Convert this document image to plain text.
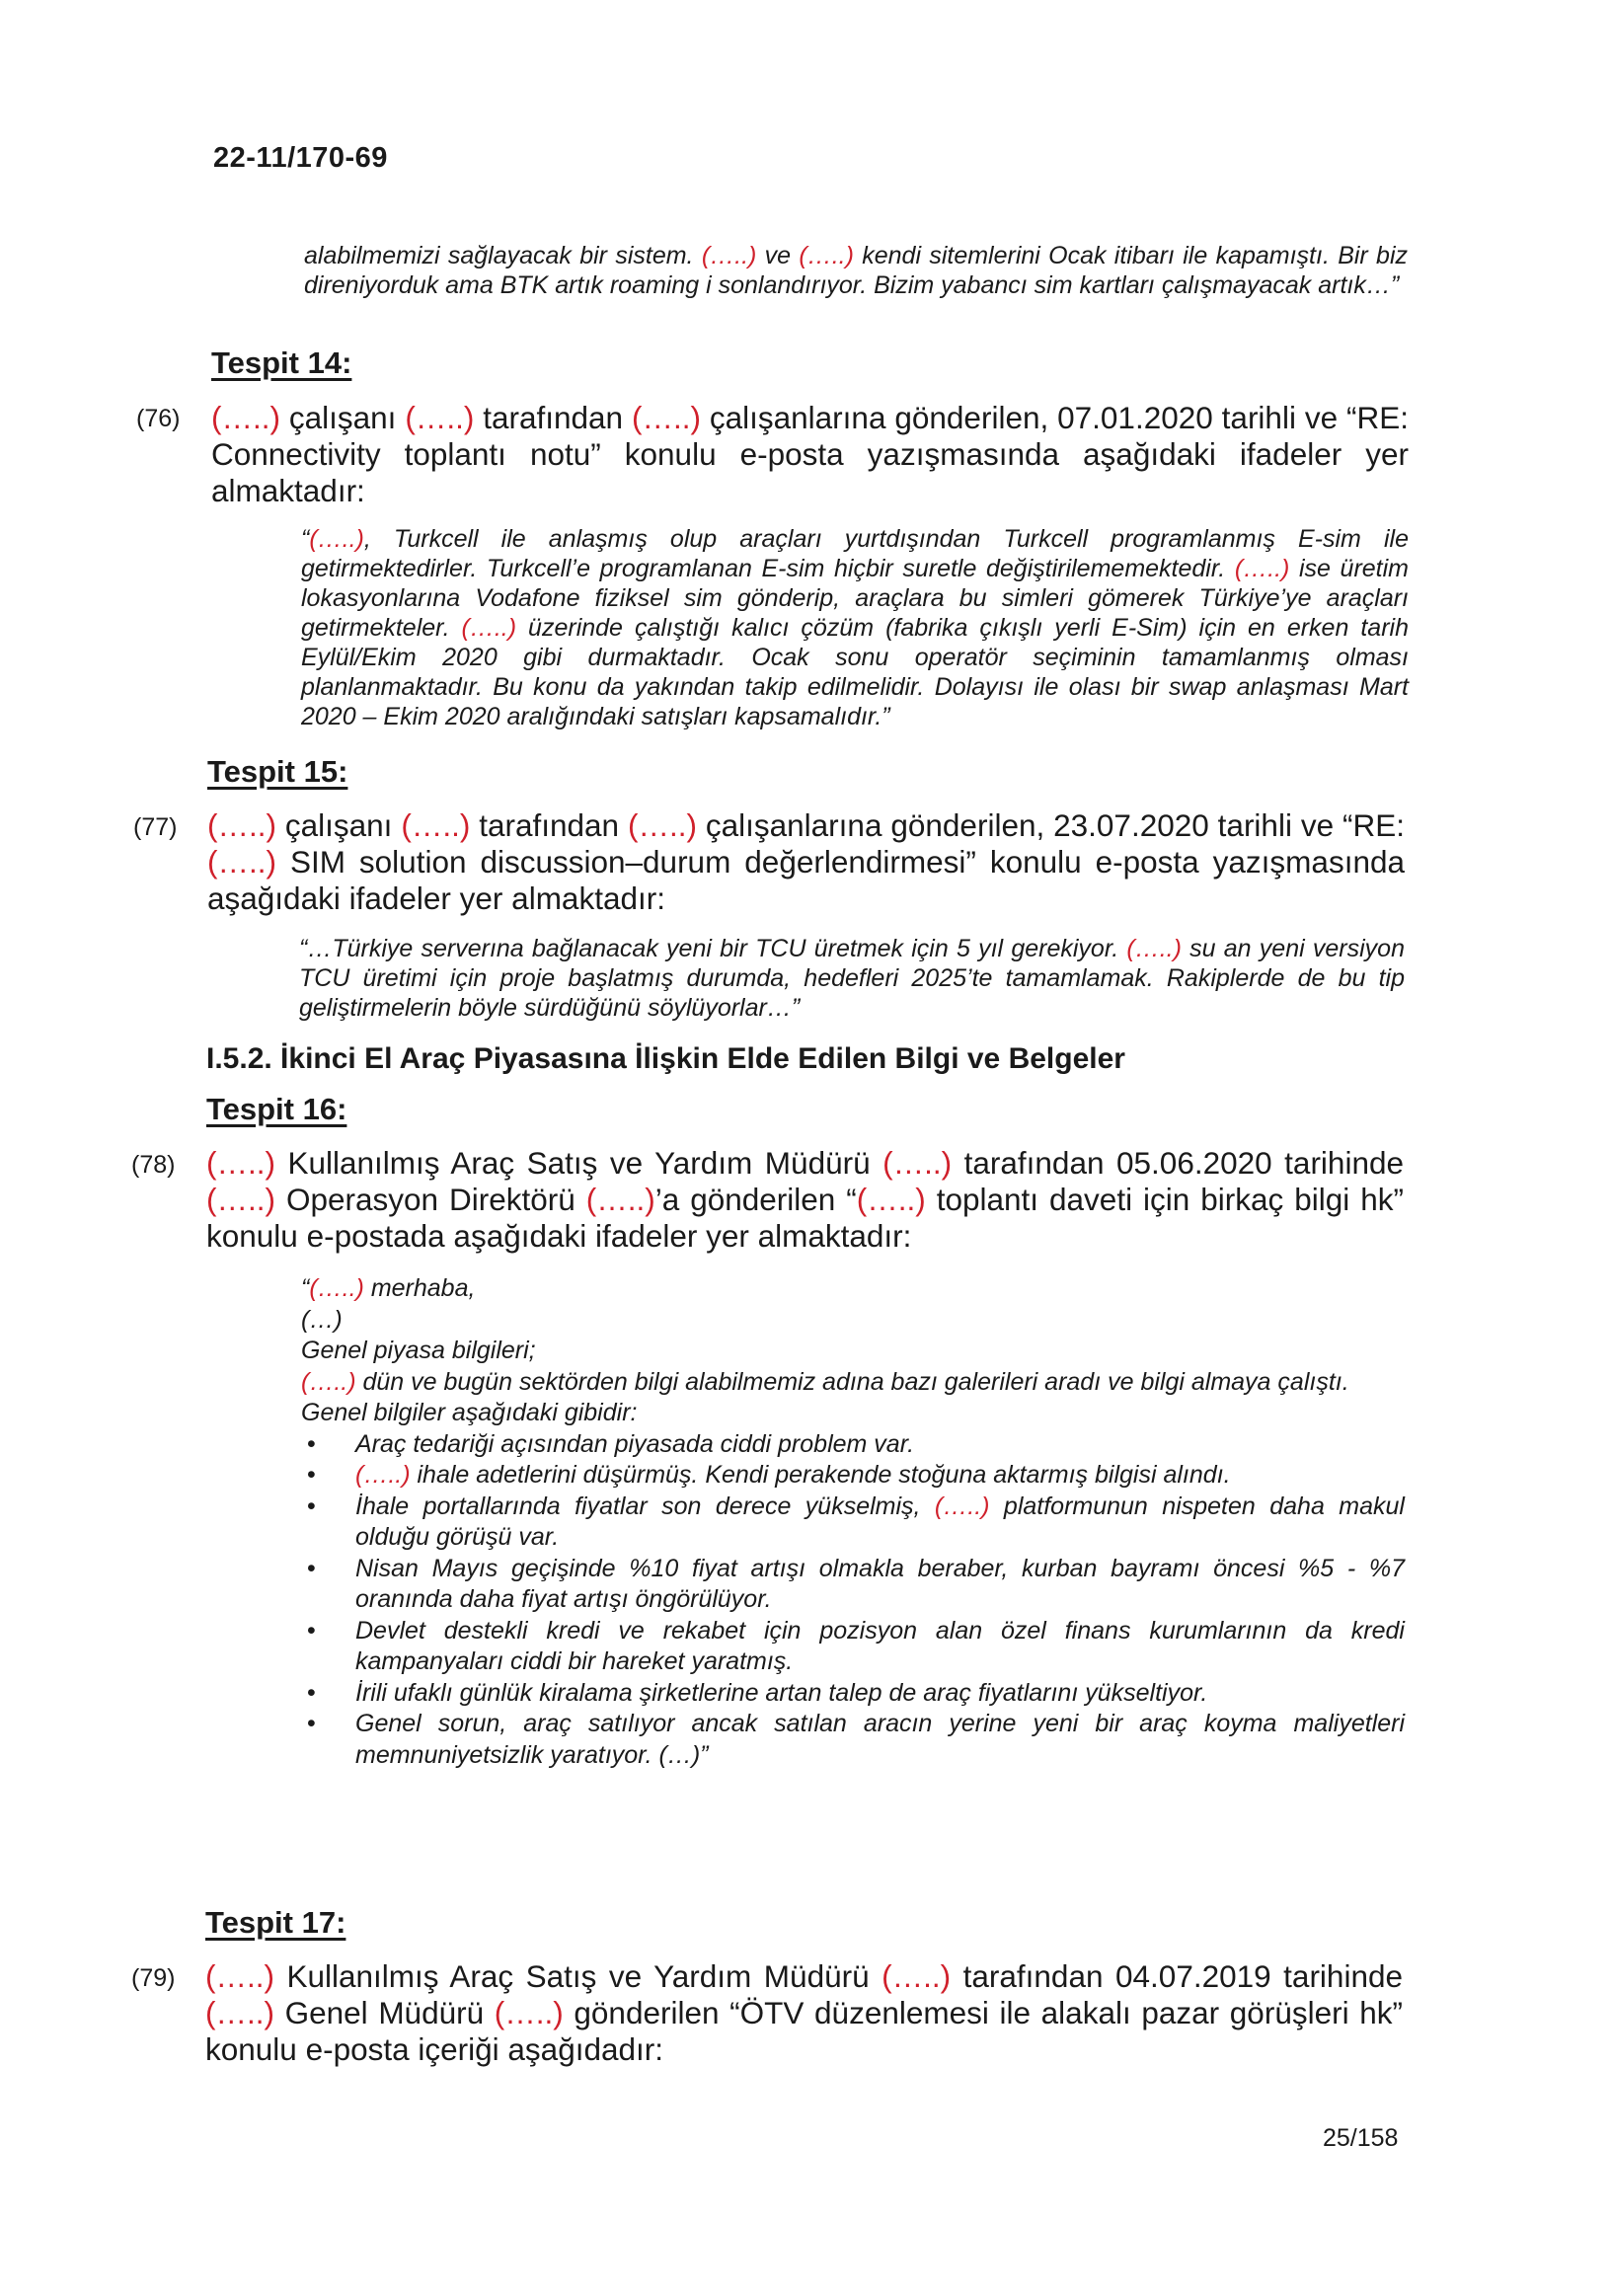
22-11/170-69

alabilmemizi sağlayacak bir sistem. (…..) ve (…..) kendi sitemlerini Ocak itibarı ile kapamıştı. Bir biz direniyorduk ama BTK artık roaming i sonlandırıyor. Bizim yabancı sim kartları çalışmayacak artık…”

Tespit 14:
(76) (…..) çalışanı (…..) tarafından (…..) çalışanlarına gönderilen, 07.01.2020 tarihli ve “RE: Connectivity toplantı notu” konulu e-posta yazışmasında aşağıdaki ifadeler yer almaktadır:

“(…..), Turkcell ile anlaşmış olup araçları yurtdışından Turkcell programlanmış E-sim ile getirmektedirler. Turkcell’e programlanan E-sim hiçbir suretle değiştirilememektedir. (…..) ise üretim lokasyonlarına Vodafone fiziksel sim gönderip, araçlara bu simleri gömerek Türkiye’ye araçları getirmekteler. (…..) üzerinde çalıştığı kalıcı çözüm (fabrika çıkışlı yerli E-Sim) için en erken tarih Eylül/Ekim 2020 gibi durmaktadır. Ocak sonu operatör seçiminin tamamlanmış olması planlanmaktadır. Bu konu da yakından takip edilmelidir. Dolayısı ile olası bir swap anlaşması Mart 2020 – Ekim 2020 aralığındaki satışları kapsamalıdır.”

Tespit 15:
(77) (…..) çalışanı (…..) tarafından (…..) çalışanlarına gönderilen, 23.07.2020 tarihli ve “RE: (…..) SIM solution discussion–durum değerlendirmesi” konulu e-posta yazışmasında aşağıdaki ifadeler yer almaktadır:

“…Türkiye serverına bağlanacak yeni bir TCU üretmek için 5 yıl gerekiyor. (…..) su an yeni versiyon TCU üretimi için proje başlatmış durumda, hedefleri 2025’te tamamlamak. Rakiplerde de bu tip geliştirmelerin böyle sürdüğünü söylüyorlar…”

I.5.2. İkinci El Araç Piyasasına İlişkin Elde Edilen Bilgi ve Belgeler
Tespit 16:
(78) (…..) Kullanılmış Araç Satış ve Yardım Müdürü (…..) tarafından 05.06.2020 tarihinde (…..) Operasyon Direktörü (…..)’a gönderilen “(…..) toplantı daveti için birkaç bilgi hk” konulu e-postada aşağıdaki ifadeler yer almaktadır:

“(…..) merhaba,

(…)

Genel piyasa bilgileri;

(…..) dün ve bugün sektörden bilgi alabilmemiz adına bazı galerileri aradı ve bilgi almaya çalıştı.

Genel bilgiler aşağıdaki gibidir:

• Araç tedariği açısından piyasada ciddi problem var.
• (…..) ihale adetlerini düşürmüş. Kendi perakende stoğuna aktarmış bilgisi alındı.
• İhale portallarında fiyatlar son derece yükselmiş, (…..) platformunun nispeten daha makul olduğu görüşü var.
• Nisan Mayıs geçişinde %10 fiyat artışı olmakla beraber, kurban bayramı öncesi %5 - %7 oranında daha fiyat artışı öngörülüyor.
• Devlet destekli kredi ve rekabet için pozisyon alan özel finans kurumlarının da kredi kampanyaları ciddi bir hareket yaratmış.
• İrili ufaklı günlük kiralama şirketlerine artan talep de araç fiyatlarını yükseltiyor.
• Genel sorun, araç satılıyor ancak satılan aracın yerine yeni bir araç koyma maliyetleri memnuniyetsizlik yaratıyor. (…)”
Tespit 17:
(79) (…..) Kullanılmış Araç Satış ve Yardım Müdürü (…..) tarafından 04.07.2019 tarihinde (…..) Genel Müdürü (…..) gönderilen “ÖTV düzenlemesi ile alakalı pazar görüşleri hk” konulu e-posta içeriği aşağıdadır:

25/158
